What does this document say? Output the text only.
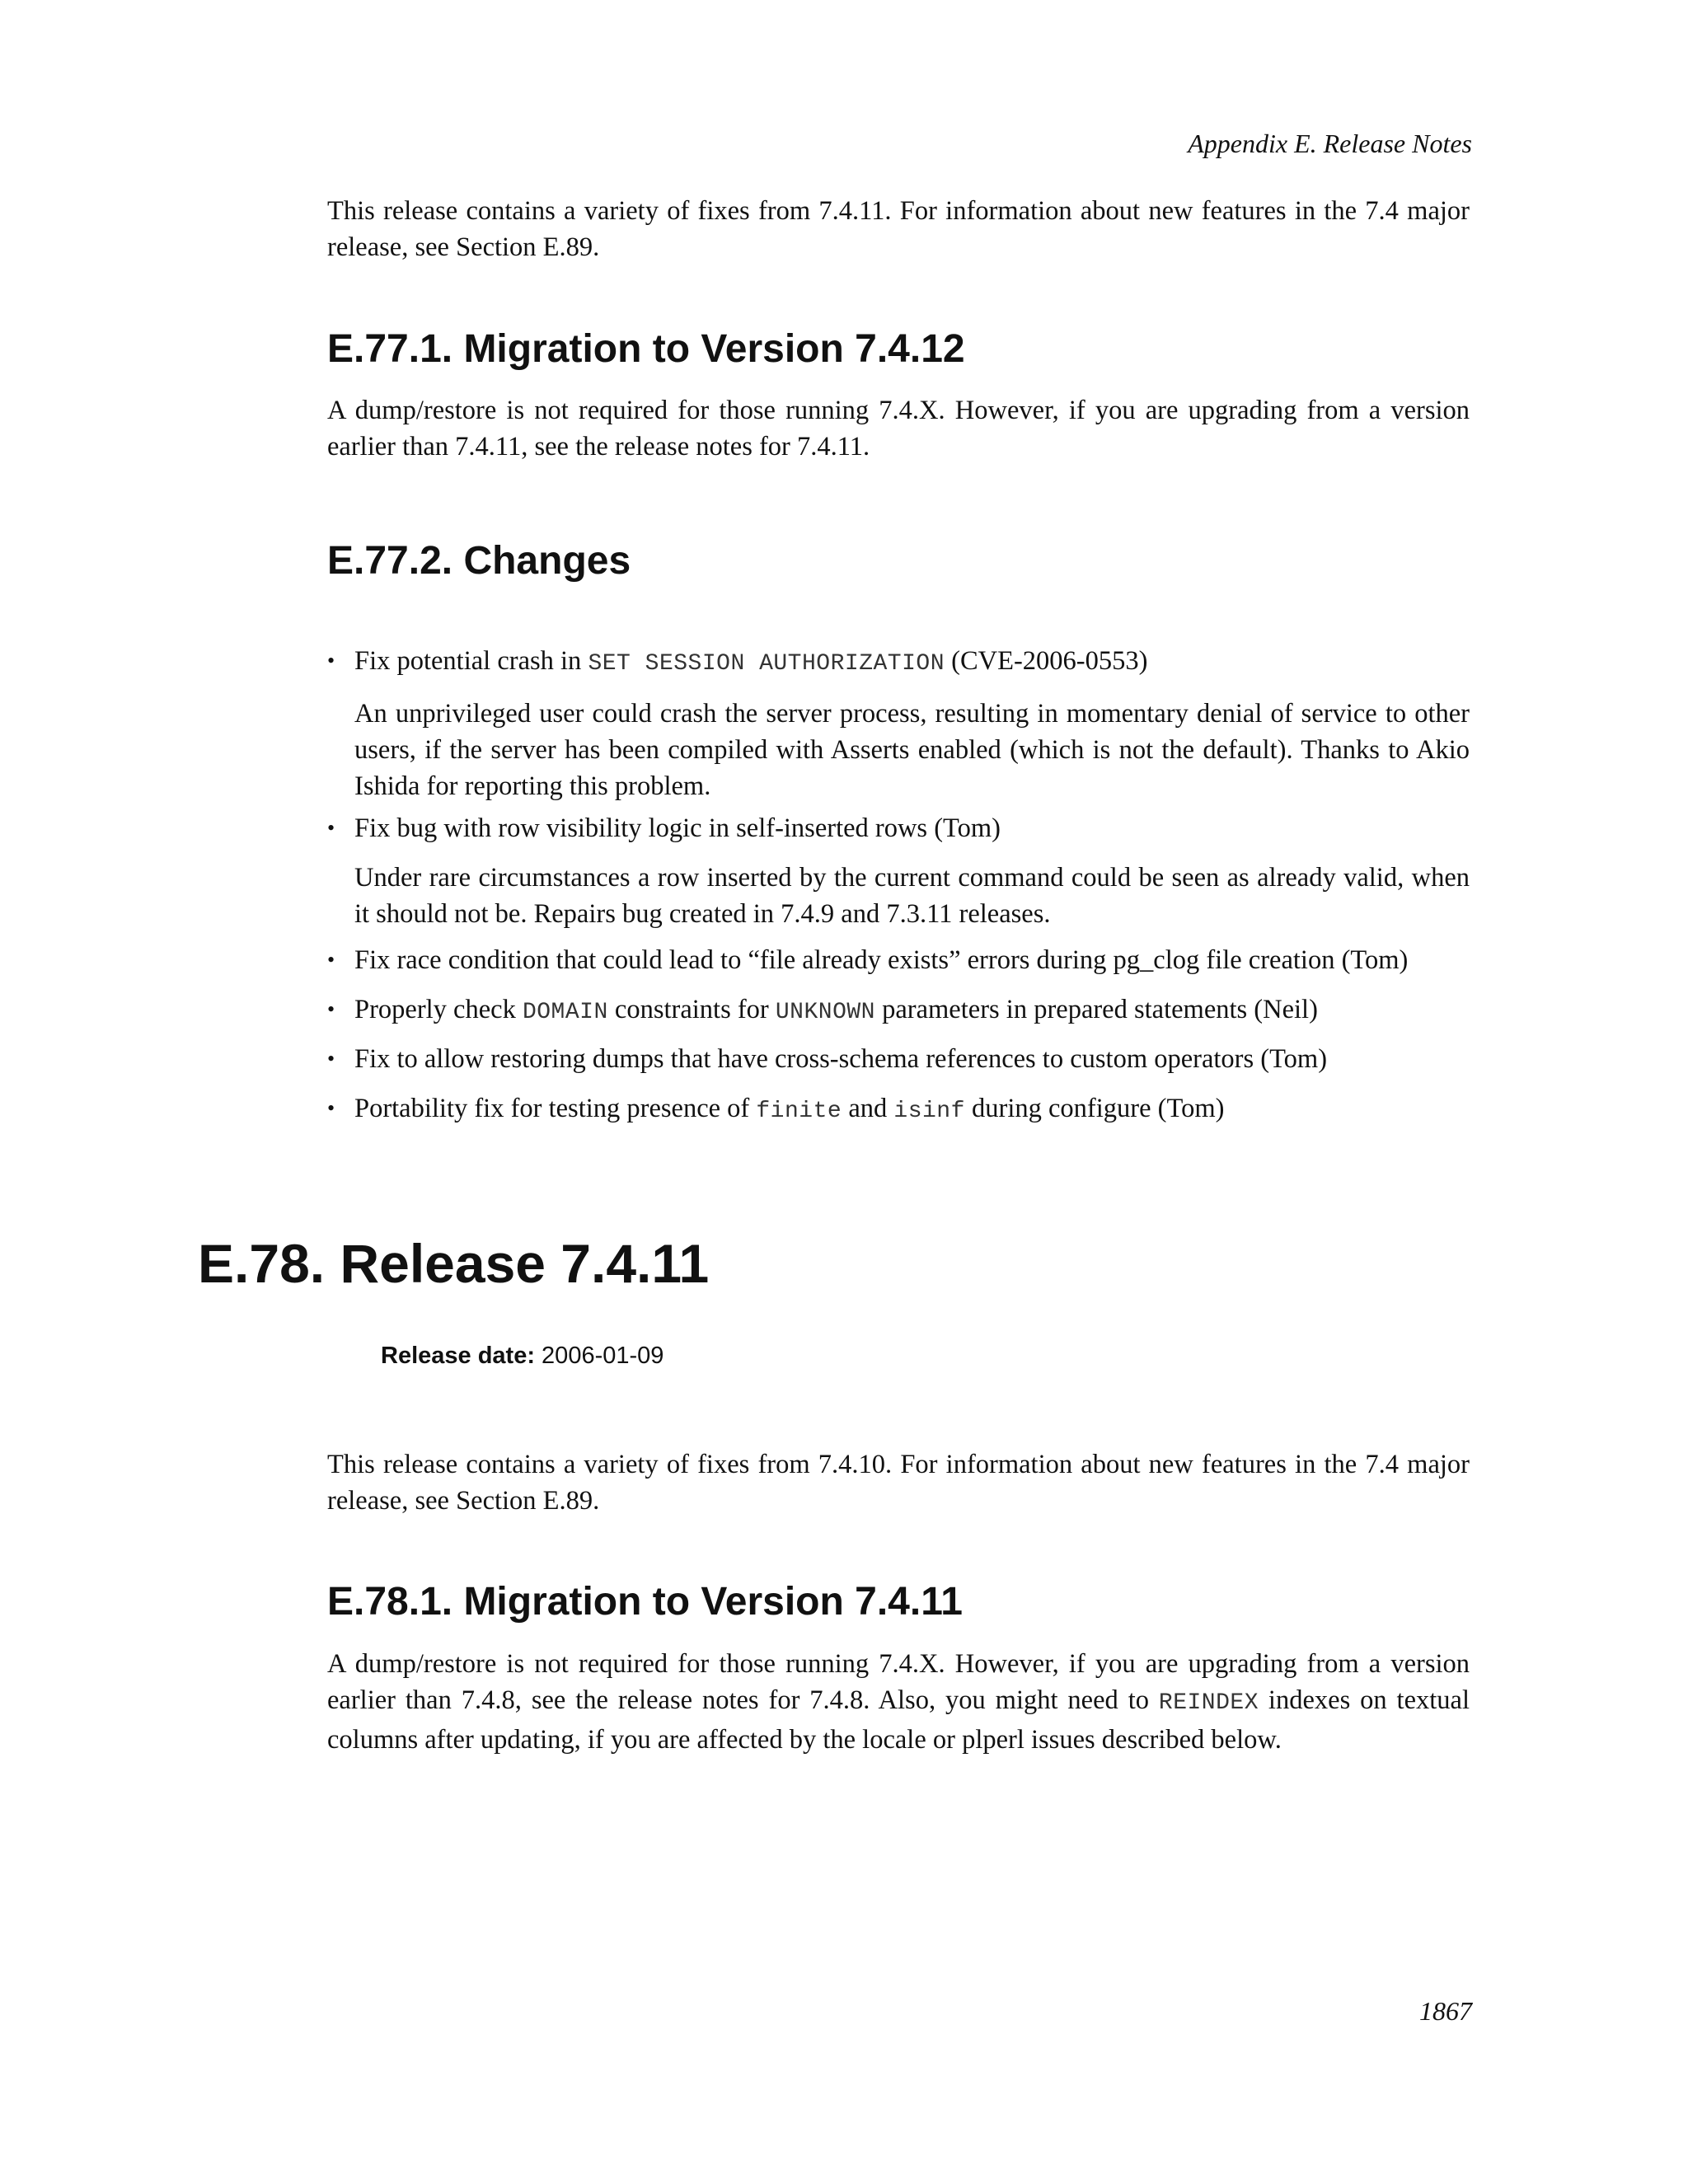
Appendix E. Release Notes

This release contains a variety of fixes from 7.4.11. For information about new features in the 7.4 major release, see Section E.89.

E.77.1. Migration to Version 7.4.12

A dump/restore is not required for those running 7.4.X. However, if you are upgrading from a version earlier than 7.4.11, see the release notes for 7.4.11.

E.77.2. Changes
• Fix potential crash in SET SESSION AUTHORIZATION (CVE-2006-0553)
An unprivileged user could crash the server process, resulting in momentary denial of service to other users, if the server has been compiled with Asserts enabled (which is not the default). Thanks to Akio Ishida for reporting this problem.
• Fix bug with row visibility logic in self-inserted rows (Tom)
Under rare circumstances a row inserted by the current command could be seen as already valid, when it should not be. Repairs bug created in 7.4.9 and 7.3.11 releases.
• Fix race condition that could lead to “file already exists” errors during pg_clog file creation (Tom)
• Properly check DOMAIN constraints for UNKNOWN parameters in prepared statements (Neil)
• Fix to allow restoring dumps that have cross-schema references to custom operators (Tom)
• Portability fix for testing presence of finite and isinf during configure (Tom)
E.78. Release 7.4.11
Release date: 2006-01-09

This release contains a variety of fixes from 7.4.10. For information about new features in the 7.4 major release, see Section E.89.

E.78.1. Migration to Version 7.4.11

A dump/restore is not required for those running 7.4.X. However, if you are upgrading from a version earlier than 7.4.8, see the release notes for 7.4.8. Also, you might need to REINDEX indexes on textual columns after updating, if you are affected by the locale or plperl issues described below.

1867
